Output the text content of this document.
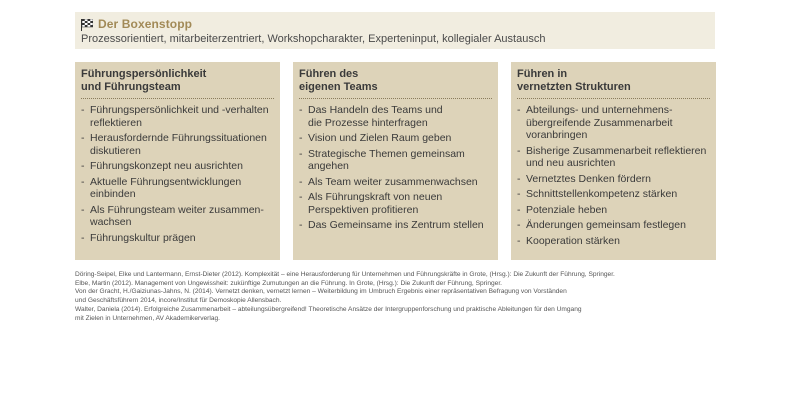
Der Boxenstopp
Prozessorientiert, mitarbeiterzentriert, Workshopcharakter, Experteninput, kollegialer Austausch
Führungspersönlichkeit
und Führungsteam
- Führungspersönlichkeit und -verhalten
reflektieren
- Herausfordernde Führungssituationen
diskutieren
- Führungskonzept neu ausrichten
- Aktuelle Führungsentwicklungen
einbinden
- Als Führungsteam weiter zusammen-
wachsen
- Führungskultur prägen
Führen des
eigenen Teams
- Das Handeln des Teams und
die Prozesse hinterfragen
- Vision und Zielen Raum geben
- Strategische Themen gemeinsam
angehen
- Als Team weiter zusammenwachsen
- Als Führungskraft von neuen
Perspektiven profitieren
- Das Gemeinsame ins Zentrum stellen
Führen in
vernetzten Strukturen
- Abteilungs- und unternehmens-
übergreifende Zusammenarbeit
voranbringen
- Bisherige Zusammenarbeit reflektieren
und neu ausrichten
- Vernetztes Denken fördern
- Schnittstellenkompetenz stärken
- Potenziale heben
- Änderungen gemeinsam festlegen
- Kooperation stärken
Döring-Seipel, Elke und Lantermann, Ernst-Dieter (2012). Komplexität – eine Herausforderung für Unternehmen und Führungskräfte in Grote, (Hrsg.): Die Zukunft der Führung, Springer.
Elbe, Martin (2012). Management von Ungewissheit: zukünftige Zumutungen an die Führung. In Grote, (Hrsg.): Die Zukunft der Führung, Springer.
Von der Gracht, H./Gaiziunas-Jahns, N. (2014). Vernetzt denken, vernetzt lernen – Weiterbildung im Umbruch Ergebnis einer repräsentativen Befragung von Vorständen
und Geschäftsführern 2014, incore/Institut für Demoskopie Allensbach.
Walter, Daniela (2014). Erfolgreiche Zusammenarbeit – abteilungsübergreifend! Theoretische Ansätze der Intergruppenforschung und praktische Ableitungen für den Umgang
mit Zielen in Unternehmen, AV Akademikerverlag.
